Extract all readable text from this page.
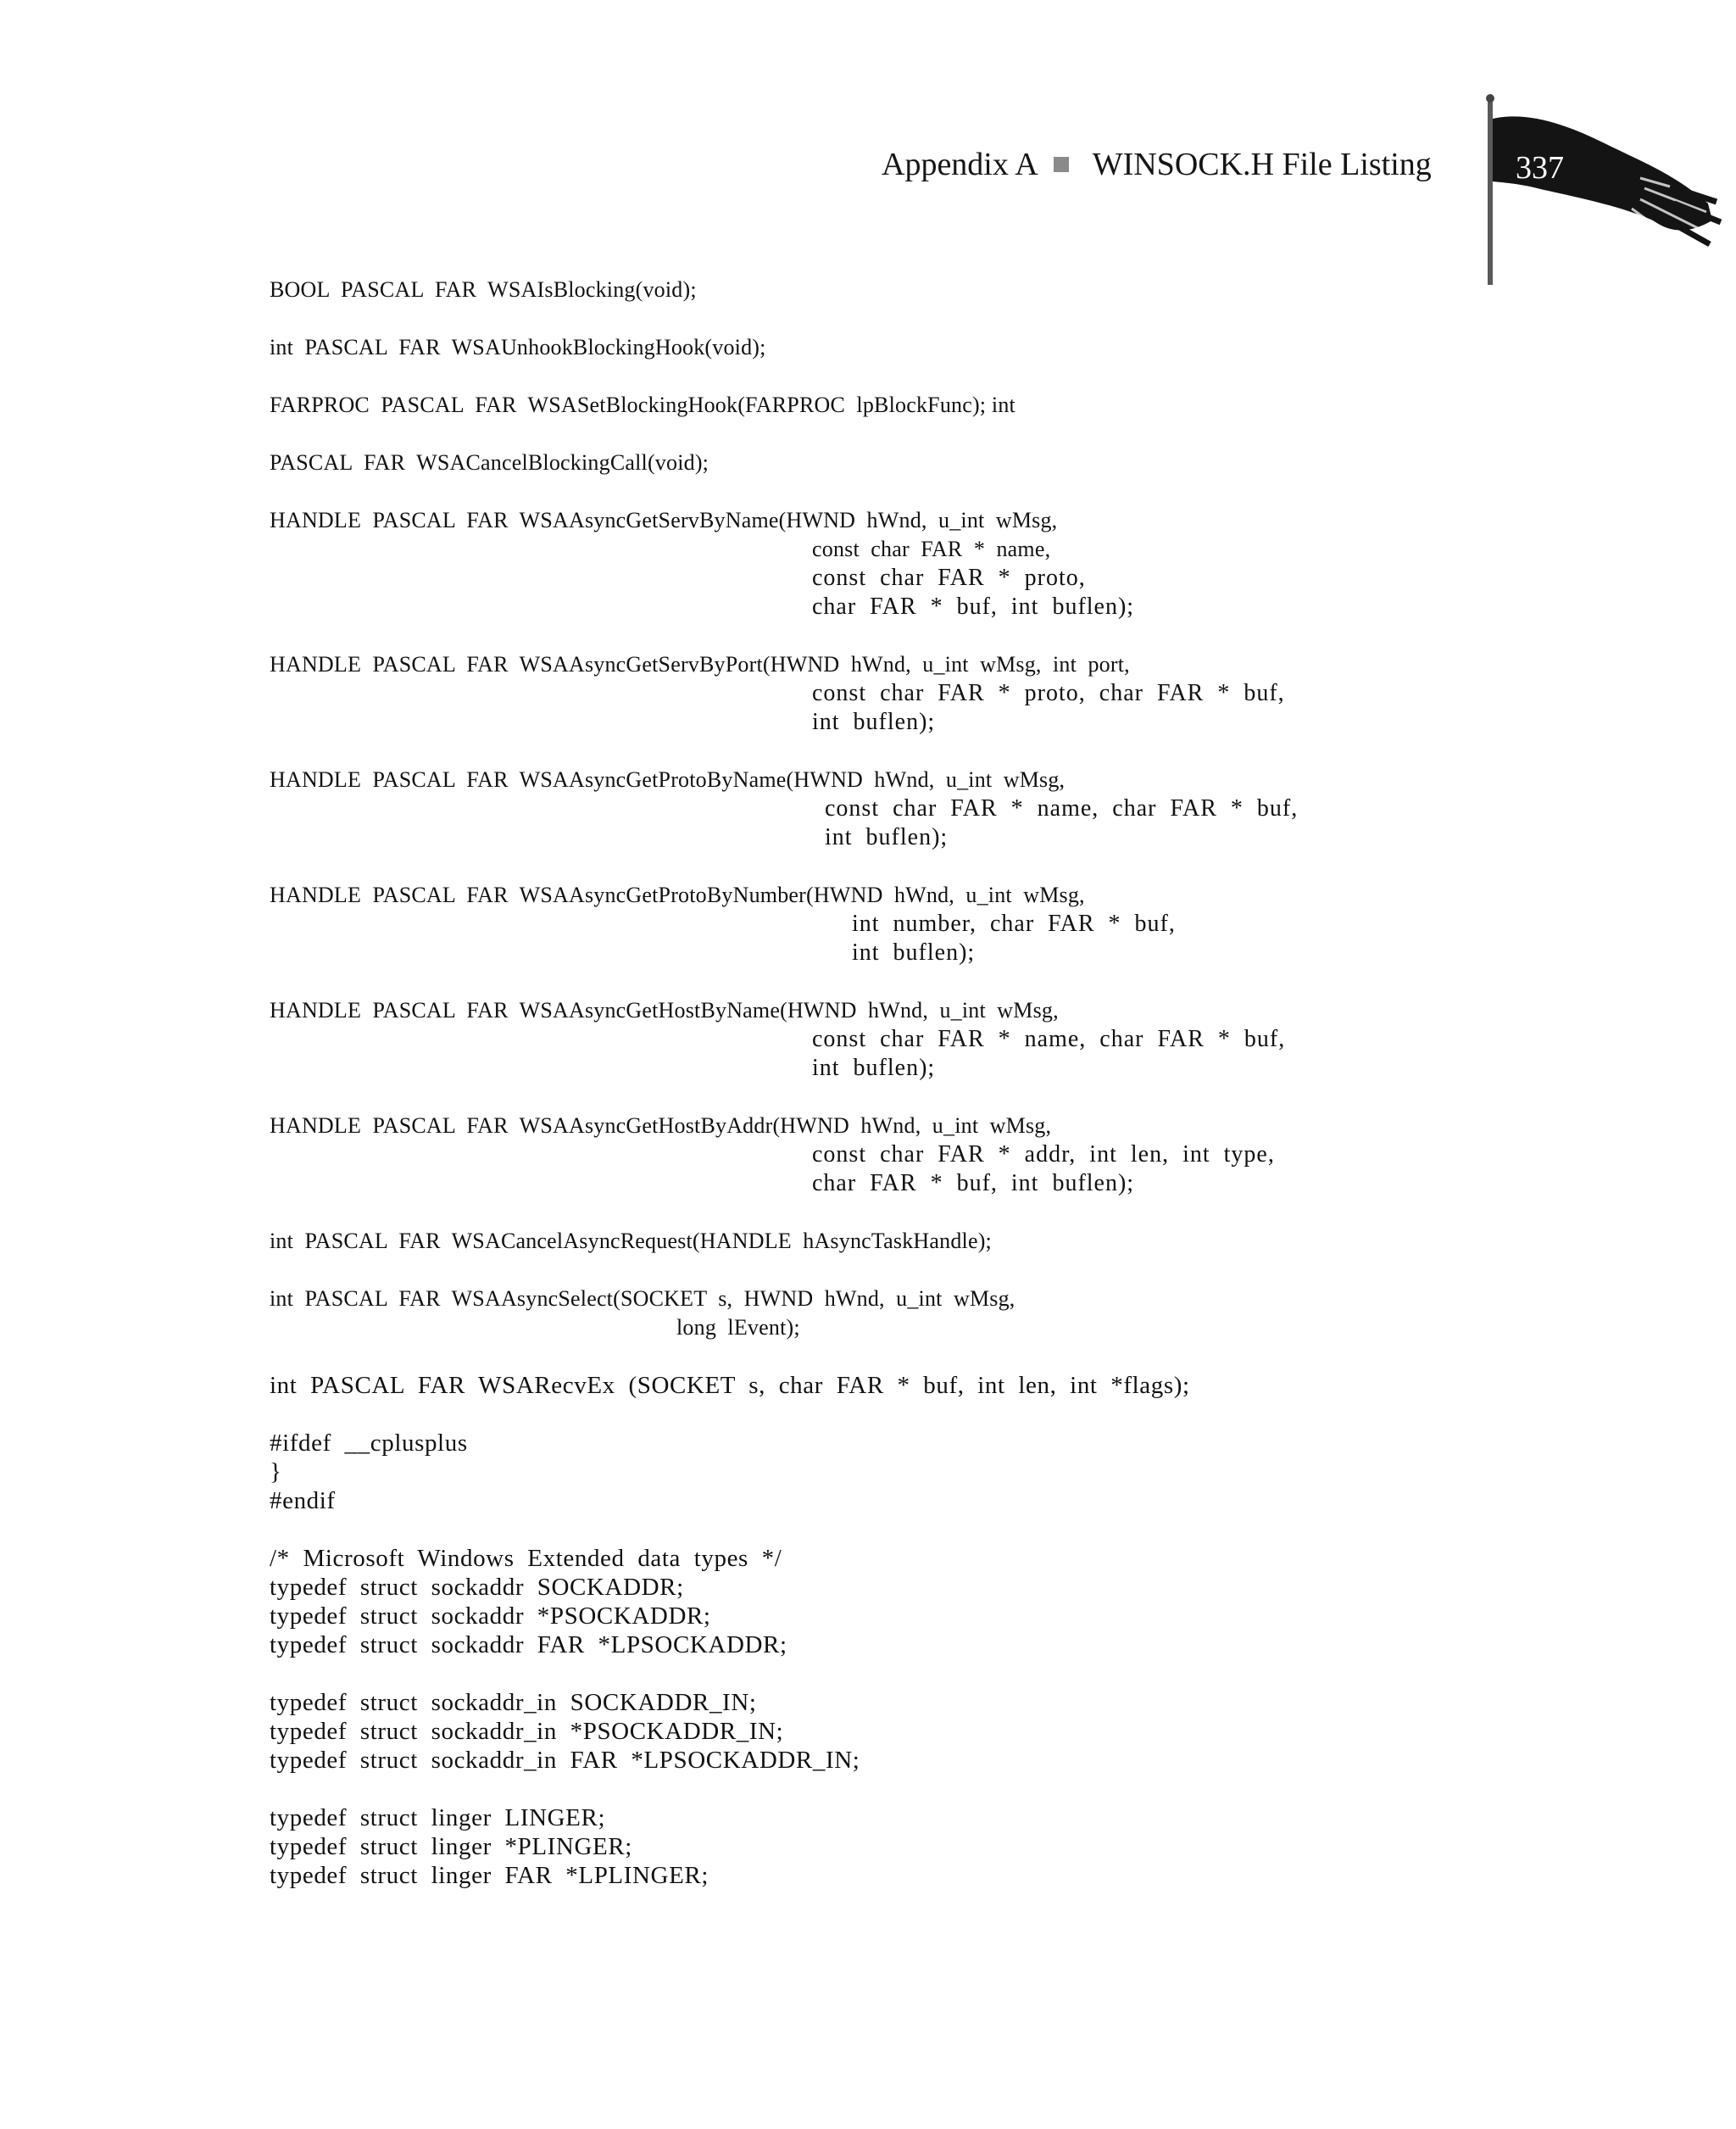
Appendix A WINSOCK.H File Listing	337
BOOL  PASCAL  FAR  WSAIsBlocking(void);
int  PASCAL  FAR  WSAUnhookBlockingHook(void);
FARPROC  PASCAL  FAR  WSASetBlockingHook(FARPROC  lpBlockFunc); int
PASCAL  FAR  WSACancelBlockingCall(void);
HANDLE  PASCAL  FAR  WSAAsyncGetServByName(HWND  hWnd,  u_int  wMsg,
const  char  FAR  *  name,
const  char  FAR  *  proto,
char  FAR  *  buf,  int  buflen);
HANDLE  PASCAL  FAR  WSAAsyncGetServByPort(HWND  hWnd,  u_int  wMsg,  int  port,
const  char  FAR  *  proto,  char  FAR  *  buf,
int  buflen);
HANDLE  PASCAL  FAR  WSAAsyncGetProtoByName(HWND  hWnd,  u_int  wMsg,
const  char  FAR  *  name,  char  FAR  *  buf,
int  buflen);
HANDLE  PASCAL  FAR  WSAAsyncGetProtoByNumber(HWND  hWnd,  u_int  wMsg,
int  number,  char  FAR  *  buf,
int  buflen);
HANDLE  PASCAL  FAR  WSAAsyncGetHostByName(HWND  hWnd,  u_int  wMsg,
const  char  FAR  *  name,  char  FAR  *  buf,
int  buflen);
HANDLE  PASCAL  FAR  WSAAsyncGetHostByAddr(HWND  hWnd,  u_int  wMsg,
const  char  FAR  *  addr,  int  len,  int  type,
char  FAR  *  buf,  int  buflen);
int  PASCAL  FAR  WSACancelAsyncRequest(HANDLE  hAsyncTaskHandle);
int  PASCAL  FAR  WSAAsyncSelect(SOCKET  s,  HWND  hWnd,  u_int  wMsg,
long  lEvent);
int  PASCAL  FAR  WSARecvEx  (SOCKET  s,  char  FAR  *  buf,  int  len,  int  *flags);
#ifdef  __cplusplus
}
#endif
/*  Microsoft  Windows  Extended  data  types  */
typedef  struct  sockaddr  SOCKADDR;
typedef  struct  sockaddr  *PSOCKADDR;
typedef  struct  sockaddr  FAR  *LPSOCKADDR;
typedef  struct  sockaddr_in  SOCKADDR_IN;
typedef  struct  sockaddr_in  *PSOCKADDR_IN;
typedef  struct  sockaddr_in  FAR  *LPSOCKADDR_IN;
typedef  struct  linger  LINGER;
typedef  struct  linger  *PLINGER;
typedef  struct  linger  FAR  *LPLINGER;
